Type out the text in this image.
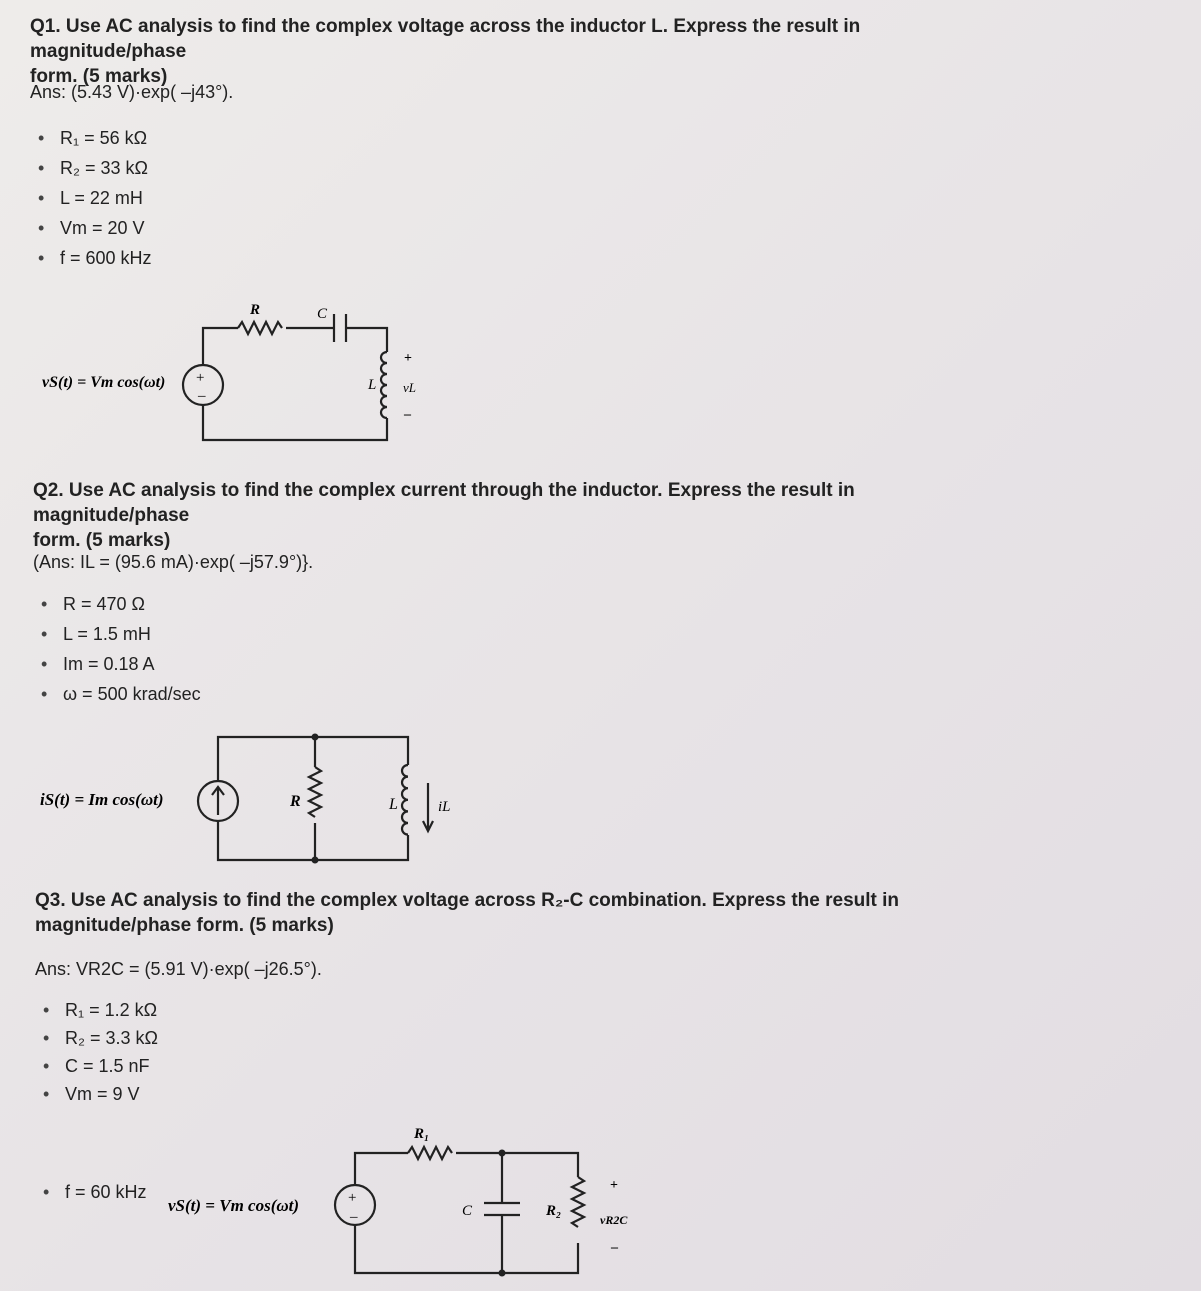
Q1. Use AC analysis to find the complex voltage across the inductor L. Express the result in magnitude/phase
form. (5 marks)
Ans: (5.43 V)·exp( –j43°).
• R₁ = 56 kΩ
• R₂ = 33 kΩ
• L = 22 mH
• Vm = 20 V
• f = 600 kHz
vS(t) = Vm cos(ωt) +
–
R	C
L
+
vL
–
Q2. Use AC analysis to find the complex current through the inductor. Express the result in magnitude/phase
form. (5 marks)
(Ans: IL = (95.6 mA)·exp( –j57.9°)}.
• R = 470 Ω
• L = 1.5 mH
• Im = 0.18 A
• ω = 500 krad/sec
iS(t) = Im cos(ωt)	R	L	iL
Q3. Use AC analysis to find the complex voltage across R₂-C combination. Express the result in
magnitude/phase form. (5 marks)
Ans: VR2C = (5.91 V)·exp( –j26.5°).
• R₁ = 1.2 kΩ
• R₂ = 3.3 kΩ
• C = 1.5 nF
• Vm = 9 V
• f = 60 kHz
vS(t) = Vm cos(ωt)	+
–
R₁
C	R₂
+
vR2C
–
